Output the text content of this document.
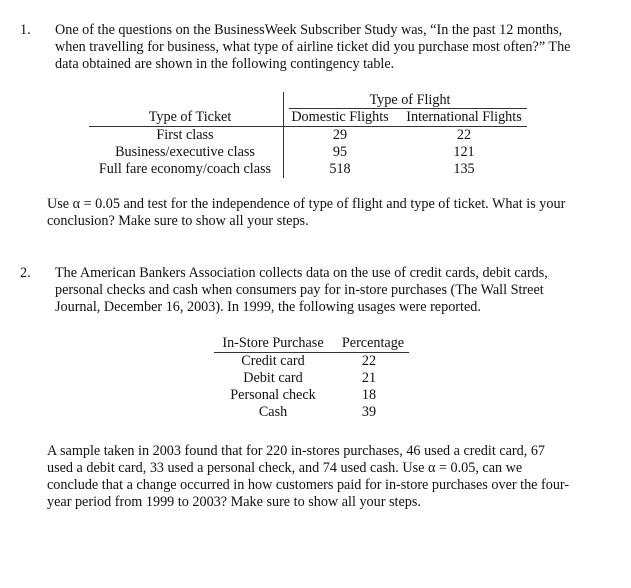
1. One of the questions on the BusinessWeek Subscriber Study was, “In the past 12 months,
when travelling for business, what type of airline ticket did you purchase most often?” The
data obtained are shown in the following contingency table.
Type of Flight
Type of Ticket	Domestic Flights	International Flights
First class	29	22
Business/executive class	95	121
Full fare economy/coach class	518	135
Use α = 0.05 and test for the independence of type of flight and type of ticket. What is your
conclusion? Make sure to show all your steps.
2. The American Bankers Association collects data on the use of credit cards, debit cards,
personal checks and cash when consumers pay for in-store purchases (The Wall Street
Journal, December 16, 2003). In 1999, the following usages were reported.
In-Store Purchase	Percentage
Credit card	22
Debit card	21
Personal check	18
Cash	39
A sample taken in 2003 found that for 220 in-stores purchases, 46 used a credit card, 67
used a debit card, 33 used a personal check, and 74 used cash. Use α = 0.05, can we
conclude that a change occurred in how customers paid for in-store purchases over the four-
year period from 1999 to 2003? Make sure to show all your steps.
